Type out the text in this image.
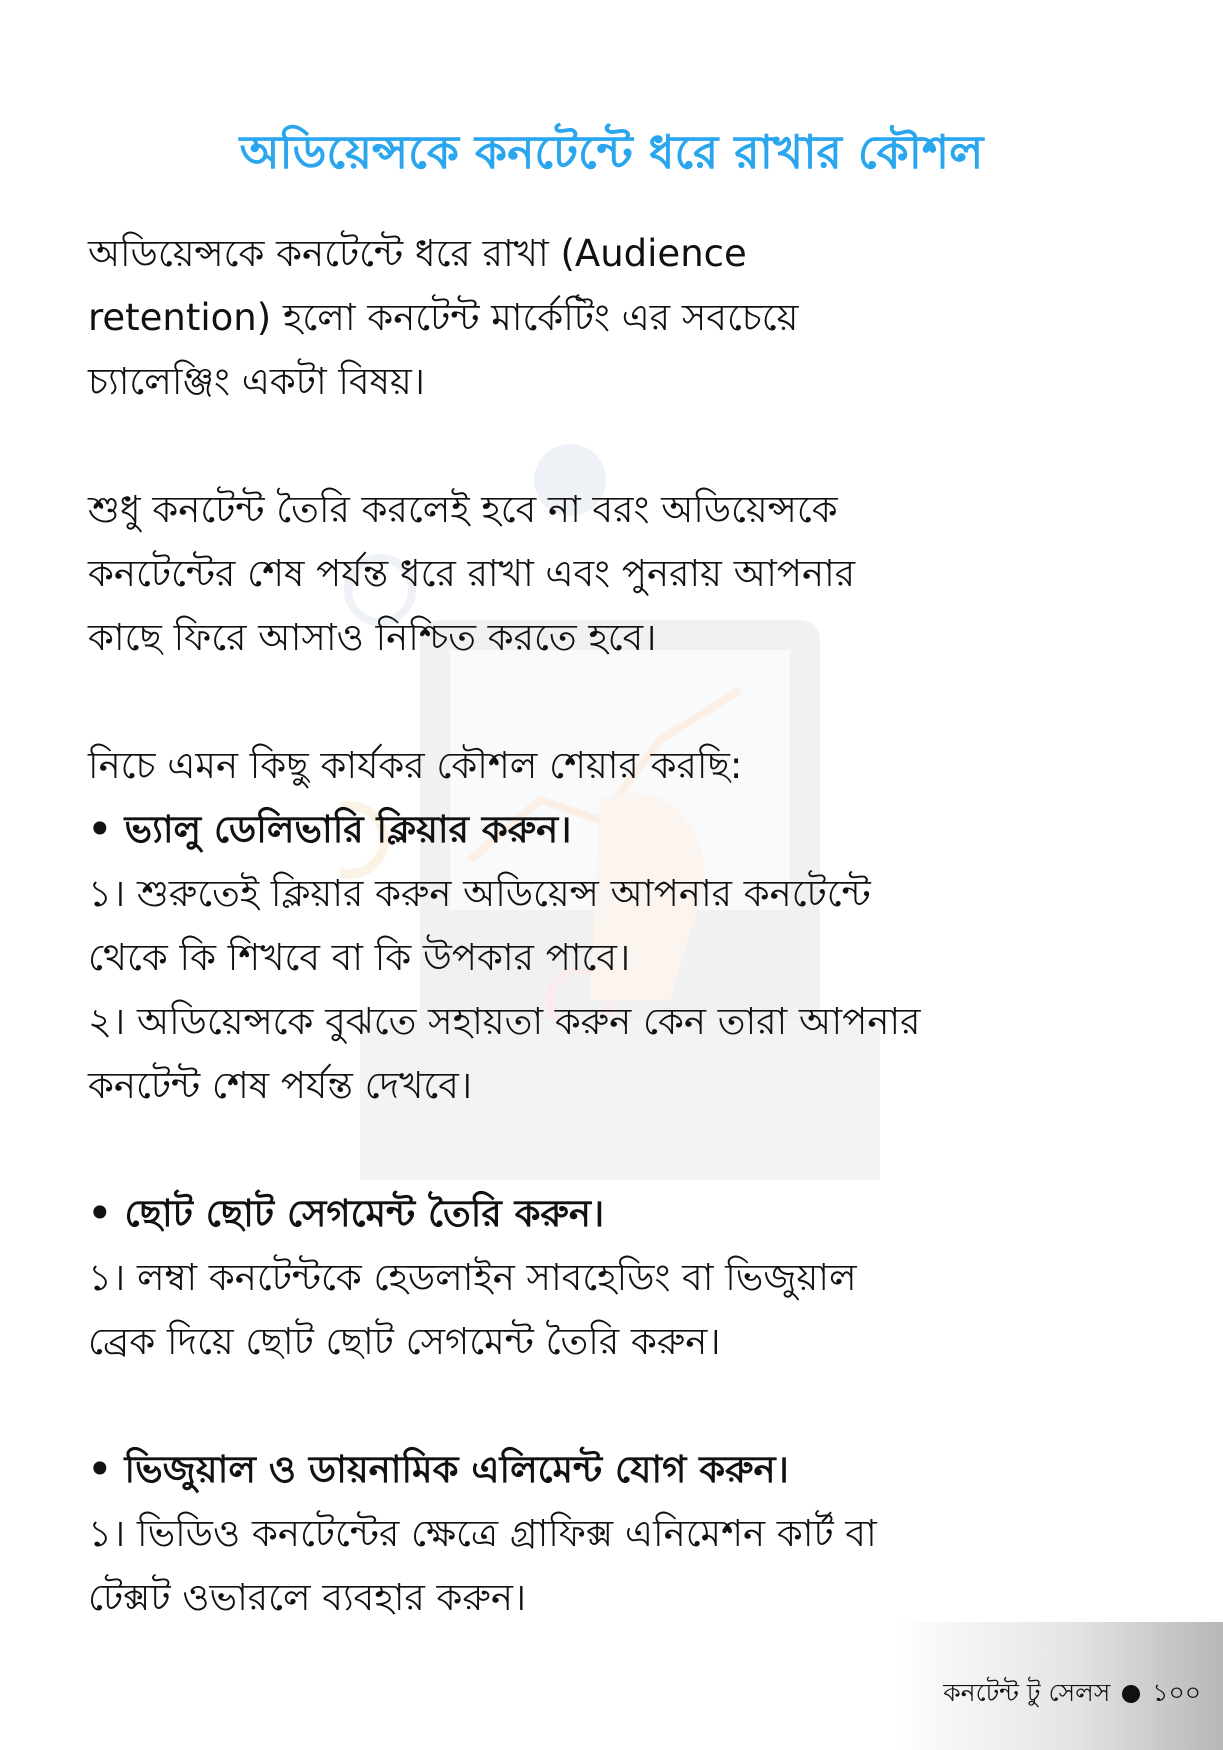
অডিয়েন্সকে কনটেন্টে ধরে রাখার কৌশল

অডিয়েন্সকে কনটেন্টে ধরে রাখা (Audience

retention) হলো কনটেন্ট মার্কেটিং এর সবচেয়ে

চ্যালেঞ্জিং একটা বিষয়।

শুধু কনটেন্ট তৈরি করলেই হবে না বরং অডিয়েন্সকে

কনটেন্টের শেষ পর্যন্ত ধরে রাখা এবং পুনরায় আপনার

কাছে ফিরে আসাও নিশ্চিত করতে হবে।

নিচে এমন কিছু কার্যকর কৌশল শেয়ার করছি:

• ভ্যালু ডেলিভারি ক্লিয়ার করুন।

১। শুরুতেই ক্লিয়ার করুন অডিয়েন্স আপনার কনটেন্টে

থেকে কি শিখবে বা কি উপকার পাবে।

২। অডিয়েন্সকে বুঝতে সহায়তা করুন কেন তারা আপনার

কনটেন্ট শেষ পর্যন্ত দেখবে।

• ছোট ছোট সেগমেন্ট তৈরি করুন।

১। লম্বা কনটেন্টকে হেডলাইন সাবহেডিং বা ভিজুয়াল

ব্রেক দিয়ে ছোট ছোট সেগমেন্ট তৈরি করুন।

• ভিজুয়াল ও ডায়নামিক এলিমেন্ট যোগ করুন।

১। ভিডিও কনটেন্টের ক্ষেত্রে গ্রাফিক্স এনিমেশন কার্ট বা

টেক্সট ওভারলে ব্যবহার করুন।

কনটেন্ট টু সেলস ১০০
